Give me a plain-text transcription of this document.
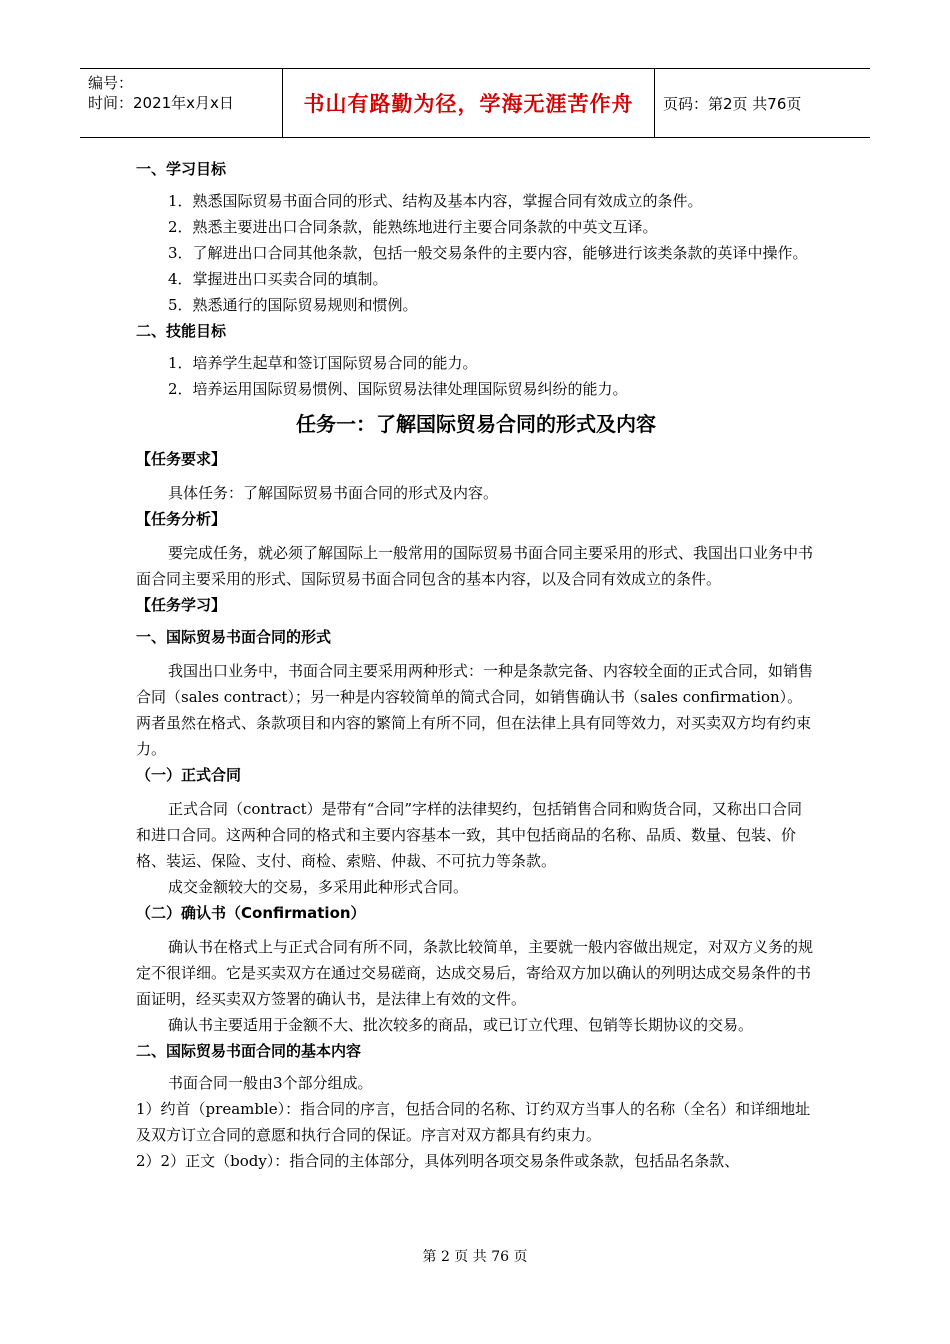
编号：
时间：2021年x月x日	书山有路勤为径，学海无涯苦作舟	页码：第2页 共76页

一、学习目标

1．熟悉国际贸易书面合同的形式、结构及基本内容，掌握合同有效成立的条件。

2．熟悉主要进出口合同条款，能熟练地进行主要合同条款的中英文互译。

3．了解进出口合同其他条款，包括一般交易条件的主要内容，能够进行该类条款的英译中操作。

4．掌握进出口买卖合同的填制。

5．熟悉通行的国际贸易规则和惯例。

二、技能目标

1．培养学生起草和签订国际贸易合同的能力。

2．培养运用国际贸易惯例、国际贸易法律处理国际贸易纠纷的能力。

任务一：了解国际贸易合同的形式及内容

【任务要求】

具体任务：了解国际贸易书面合同的形式及内容。

【任务分析】

要完成任务，就必须了解国际上一般常用的国际贸易书面合同主要采用的形式、我国出口业务中书面合同主要采用的形式、国际贸易书面合同包含的基本内容，以及合同有效成立的条件。

【任务学习】

一、国际贸易书面合同的形式

我国出口业务中，书面合同主要采用两种形式：一种是条款完备、内容较全面的正式合同，如销售合同（sales contract）；另一种是内容较简单的简式合同，如销售确认书（sales confirmation）。两者虽然在格式、条款项目和内容的繁简上有所不同，但在法律上具有同等效力，对买卖双方均有约束力。

（一）正式合同

正式合同（contract）是带有“合同”字样的法律契约，包括销售合同和购货合同，又称出口合同和进口合同。这两种合同的格式和主要内容基本一致，其中包括商品的名称、品质、数量、包装、价格、装运、保险、支付、商检、索赔、仲裁、不可抗力等条款。

成交金额较大的交易，多采用此种形式合同。

（二）确认书（Confirmation）

确认书在格式上与正式合同有所不同，条款比较简单，主要就一般内容做出规定，对双方义务的规定不很详细。它是买卖双方在通过交易磋商，达成交易后，寄给双方加以确认的列明达成交易条件的书面证明，经买卖双方签署的确认书，是法律上有效的文件。

确认书主要适用于金额不大、批次较多的商品，或已订立代理、包销等长期协议的交易。

二、国际贸易书面合同的基本内容

书面合同一般由3个部分组成。

1）约首（preamble）：指合同的序言，包括合同的名称、订约双方当事人的名称（全名）和详细地址及双方订立合同的意愿和执行合同的保证。序言对双方都具有约束力。

2）2）正文（body）：指合同的主体部分，具体列明各项交易条件或条款，包括品名条款、

第 2 页 共 76 页
